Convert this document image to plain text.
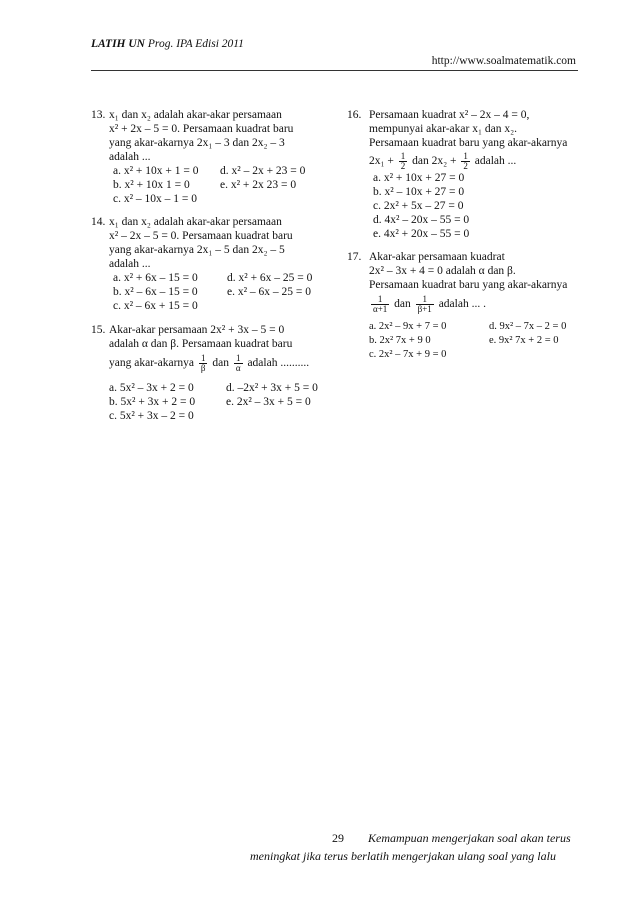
LATIH UN Prog. IPA Edisi 2011
http://www.soalmatematik.com
13. x₁ dan x₂ adalah akar-akar persamaan
x² + 2x – 5 = 0. Persamaan kuadrat baru
yang akar-akarnya 2x₁ – 3 dan 2x₂ – 3
adalah ...
a. x² + 10x + 1 = 0 d. x² – 2x + 23 = 0
b. x² + 10x 1 = 0	e. x² + 2x 23 = 0
c. x² – 10x – 1 = 0
14. x₁ dan x₂ adalah akar-akar persamaan
x² – 2x – 5 = 0. Persamaan kuadrat baru
yang akar-akarnya 2x₁ – 5 dan 2x₂ – 5
adalah ...
a. x² + 6x – 15 = 0	d. x² + 6x – 25 = 0
b. x² – 6x – 15 = 0	e. x² – 6x – 25 = 0
c. x² – 6x + 15 = 0
15. Akar-akar persamaan 2x² + 3x – 5 = 0
adalah α dan β. Persamaan kuadrat baru
yang akar-akarnya $\frac{1}{\beta}$ dan $\frac{1}{\alpha}$ adalah ..........
a. 5x² – 3x + 2 = 0	d. –2x² + 3x + 5 = 0
b. 5x² + 3x + 2 = 0	e. 2x² – 3x + 5 = 0
c. 5x² + 3x – 2 = 0
16. Persamaan kuadrat x² – 2x – 4 = 0,
mempunyai akar-akar x₁ dan x₂.
Persamaan kuadrat baru yang akar-akarnya
$2x_1 + \frac{1}{2}$ dan $2x_2 + \frac{1}{2}$ adalah ...
a. x² + 10x + 27 = 0
b. x² – 10x + 27 = 0
c. 2x² + 5x – 27 = 0
d. 4x² – 20x – 55 = 0
e. 4x² + 20x – 55 = 0
17. Akar-akar persamaan kuadrat
2x² – 3x + 4 = 0 adalah α dan β.
Persamaan kuadrat baru yang akar-akarnya
$\frac{1}{\alpha+1}$ dan $\frac{1}{\beta+1}$ adalah ... .
a. 2x² – 9x + 7 = 0	d. 9x² – 7x – 2 = 0
b. 2x² 7x + 9 0	e. 9x² 7x + 2 = 0
c. 2x² – 7x + 9 = 0
29 Kemampuan mengerjakan soal akan terus
meningkat jika terus berlatih mengerjakan ulang soal yang lalu
